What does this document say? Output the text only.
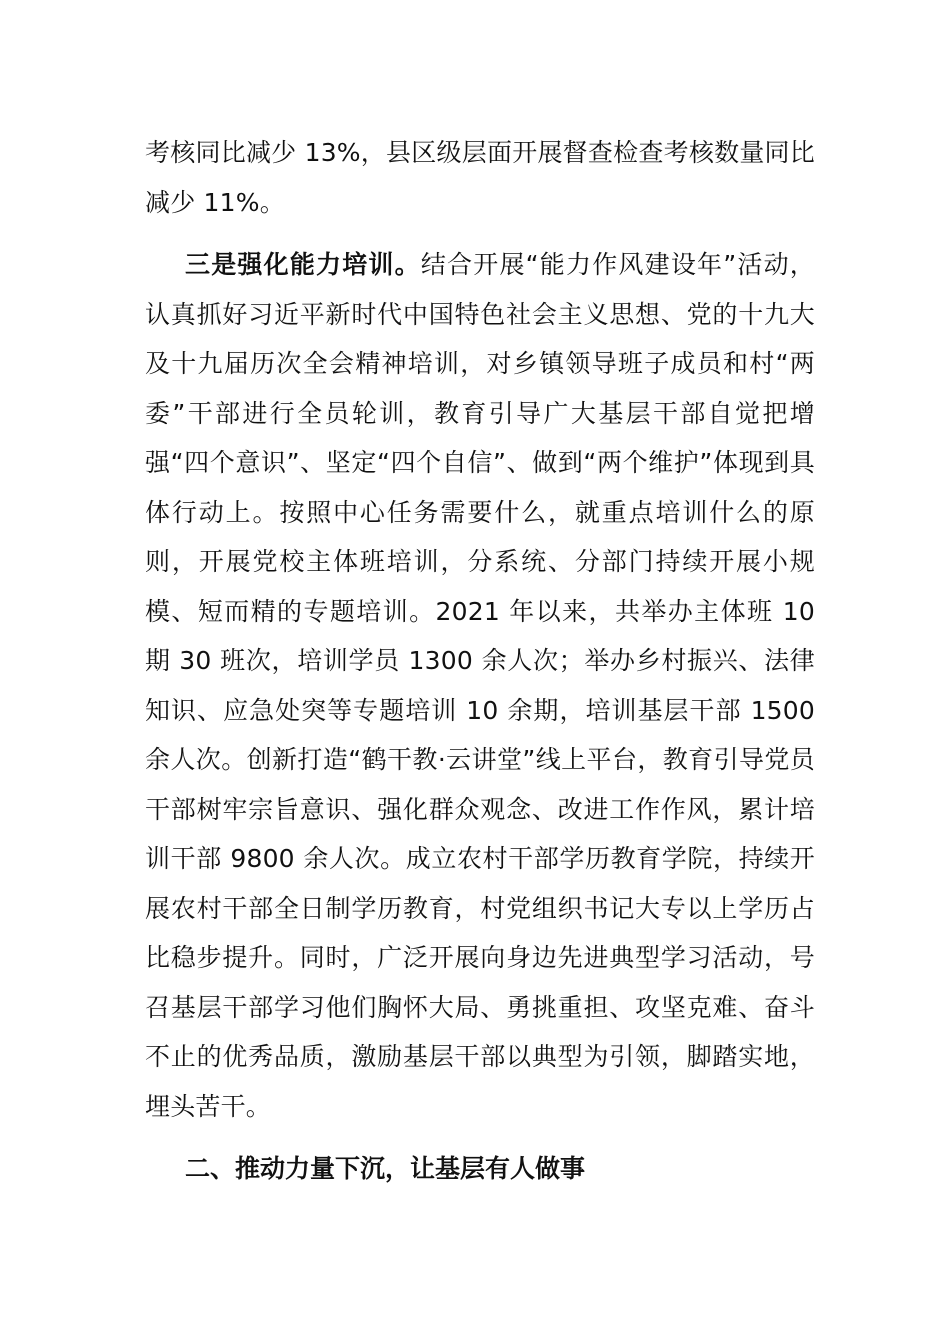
考核同比减少 13%，县区级层面开展督查检查考核数量同比减少 11%。

三是强化能力培训。结合开展“能力作风建设年”活动，认真抓好习近平新时代中国特色社会主义思想、党的十九大及十九届历次全会精神培训，对乡镇领导班子成员和村“两委”干部进行全员轮训，教育引导广大基层干部自觉把增强“四个意识”、坚定“四个自信”、做到“两个维护”体现到具体行动上。按照中心任务需要什么，就重点培训什么的原则，开展党校主体班培训，分系统、分部门持续开展小规模、短而精的专题培训。2021 年以来，共举办主体班 10 期 30 班次，培训学员 1300 余人次；举办乡村振兴、法律知识、应急处突等专题培训 10 余期，培训基层干部 1500 余人次。创新打造“鹤干教·云讲堂”线上平台，教育引导党员干部树牢宗旨意识、强化群众观念、改进工作作风，累计培训干部 9800 余人次。成立农村干部学历教育学院，持续开展农村干部全日制学历教育，村党组织书记大专以上学历占比稳步提升。同时，广泛开展向身边先进典型学习活动，号召基层干部学习他们胸怀大局、勇挑重担、攻坚克难、奋斗不止的优秀品质，激励基层干部以典型为引领，脚踏实地，埋头苦干。

二、推动力量下沉，让基层有人做事
